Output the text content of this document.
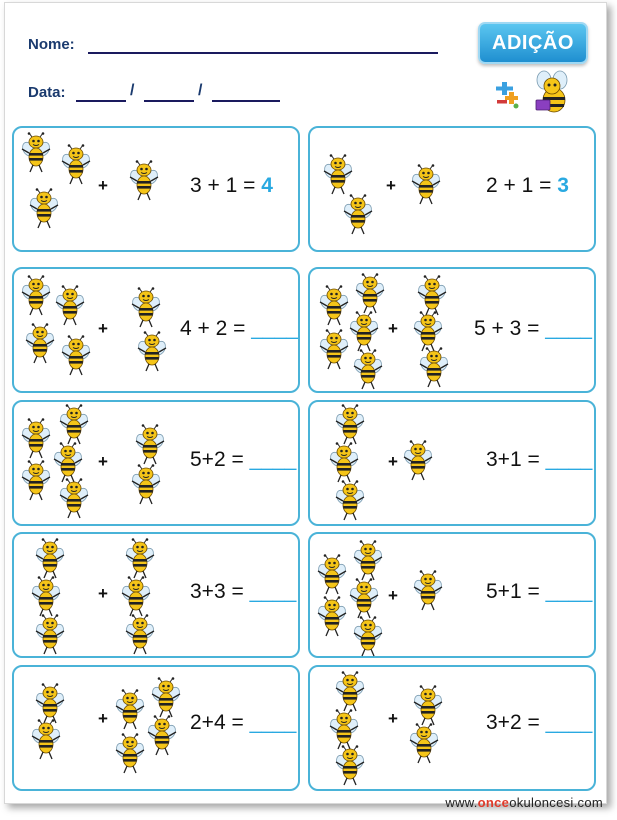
Nome:
Data:	/	/
ADIÇÃO
+	3 + 1 = 4	+	2 + 1 = 3
+	4 + 2 = ____	+	5 + 3 = ____
+	5+2 = ____	+	3+1 = ____
+	3+3 = ____	+	5+1 = ____
+	2+4 = ____	+	3+2 = ____
www.onceokuloncesi.com
